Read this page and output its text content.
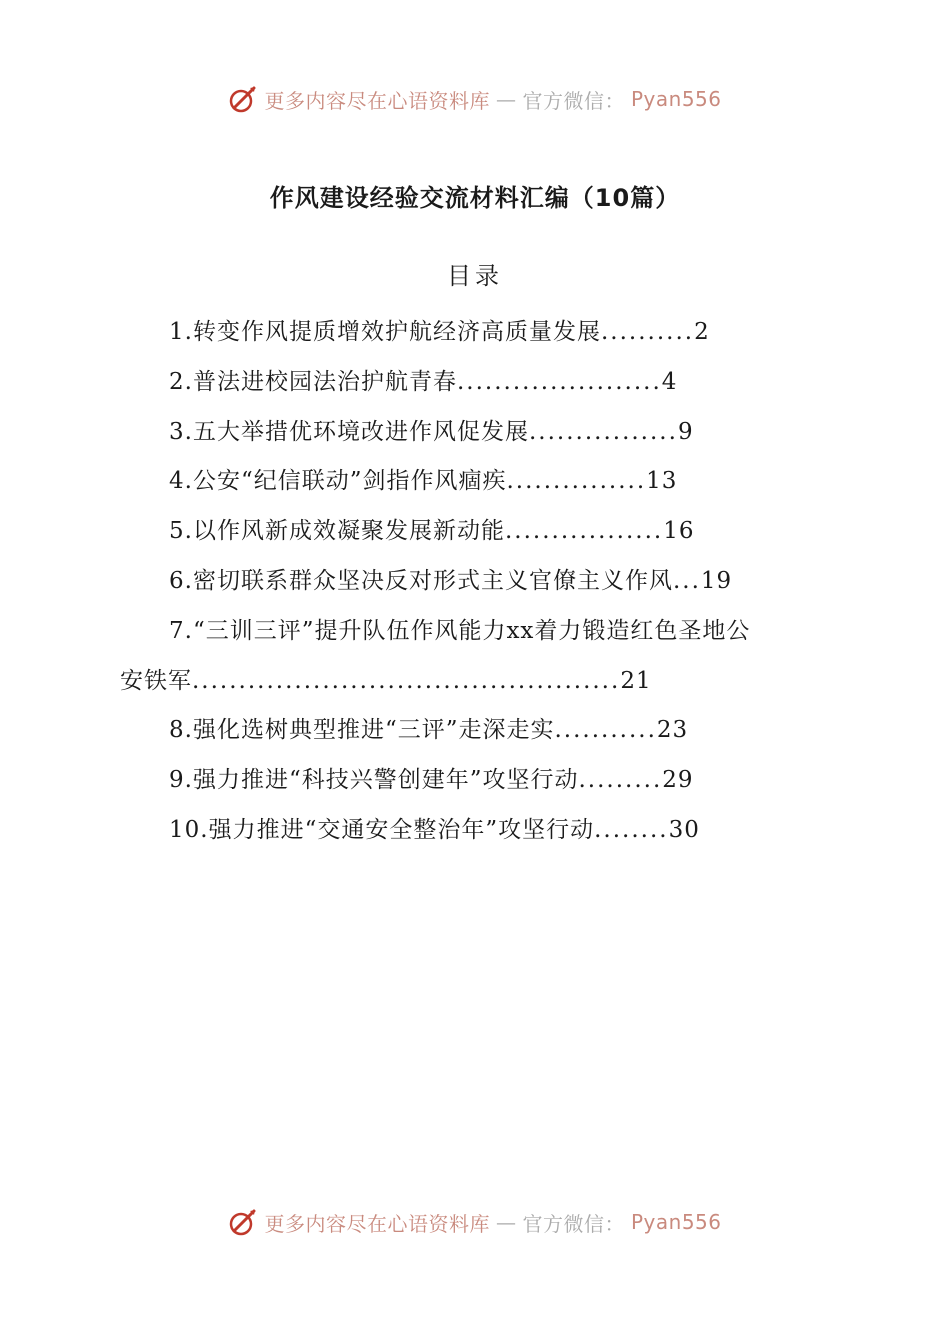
更多内容尽在心语资料库 — 官方微信： Pyan556
作风建设经验交流材料汇编（10篇）
目录
1.转变作风提质增效护航经济高质量发展..........2
2.普法进校园法治护航青春......................4
3.五大举措优环境改进作风促发展................9
4.公安“纪信联动”剑指作风痼疾...............13
5.以作风新成效凝聚发展新动能.................16
6.密切联系群众坚决反对形式主义官僚主义作风...19
7.“三训三评”提升队伍作风能力xx着力锻造红色圣地公
安铁军..............................................21
8.强化选树典型推进“三评”走深走实...........23
9.强力推进“科技兴警创建年”攻坚行动.........29
10.强力推进“交通安全整治年”攻坚行动........30
更多内容尽在心语资料库 — 官方微信： Pyan556
